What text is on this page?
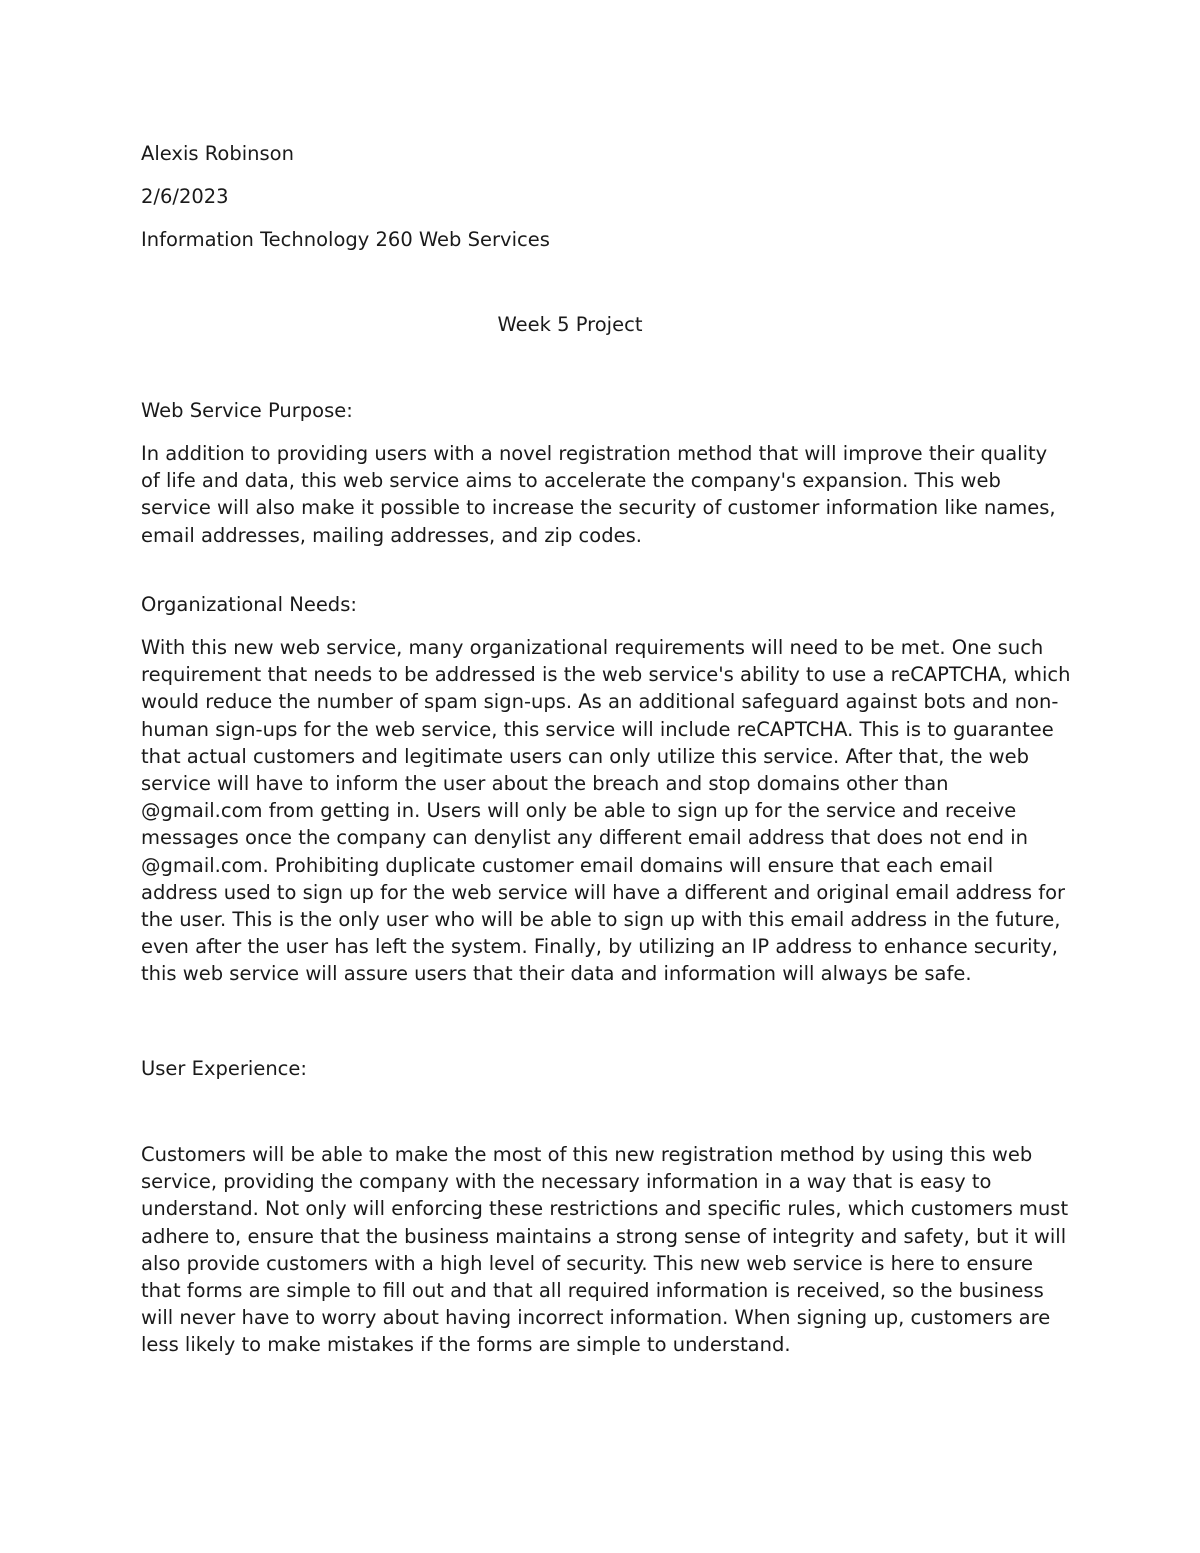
Alexis Robinson

2/6/2023

Information Technology 260 Web Services

Week 5 Project

Web Service Purpose:

In addition to providing users with a novel registration method that will improve their quality of life and data, this web service aims to accelerate the company's expansion. This web service will also make it possible to increase the security of customer information like names, email addresses, mailing addresses, and zip codes.

Organizational Needs:

With this new web service, many organizational requirements will need to be met. One such requirement that needs to be addressed is the web service's ability to use a reCAPTCHA, which would reduce the number of spam sign-ups. As an additional safeguard against bots and non-human sign-ups for the web service, this service will include reCAPTCHA. This is to guarantee that actual customers and legitimate users can only utilize this service. After that, the web service will have to inform the user about the breach and stop domains other than @gmail.com from getting in. Users will only be able to sign up for the service and receive messages once the company can denylist any different email address that does not end in @gmail.com. Prohibiting duplicate customer email domains will ensure that each email address used to sign up for the web service will have a different and original email address for the user. This is the only user who will be able to sign up with this email address in the future, even after the user has left the system. Finally, by utilizing an IP address to enhance security, this web service will assure users that their data and information will always be safe.

User Experience:

Customers will be able to make the most of this new registration method by using this web service, providing the company with the necessary information in a way that is easy to understand. Not only will enforcing these restrictions and specific rules, which customers must adhere to, ensure that the business maintains a strong sense of integrity and safety, but it will also provide customers with a high level of security. This new web service is here to ensure that forms are simple to fill out and that all required information is received, so the business will never have to worry about having incorrect information. When signing up, customers are less likely to make mistakes if the forms are simple to understand.
